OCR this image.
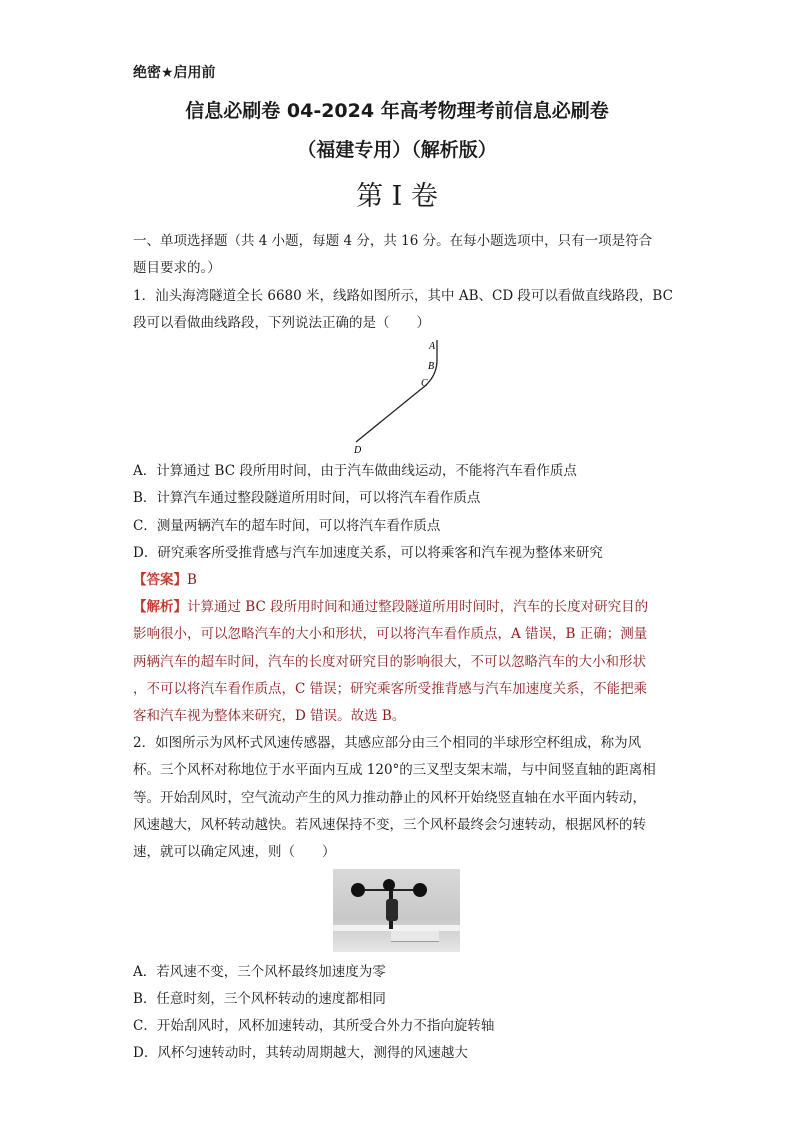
绝密★启用前
信息必刷卷 04-2024 年高考物理考前信息必刷卷
（福建专用）（解析版）
第 I 卷
一、单项选择题（共 4 小题，每题 4 分，共 16 分。在每小题选项中，只有一项是符合
题目要求的。）
1．汕头海湾隧道全长 6680 米，线路如图所示，其中 AB、CD 段可以看做直线路段，BC
段可以看做曲线路段，下列说法正确的是（　　）
A
B
C
D
A．计算通过 BC 段所用时间，由于汽车做曲线运动，不能将汽车看作质点
B．计算汽车通过整段隧道所用时间，可以将汽车看作质点
C．测量两辆汽车的超车时间，可以将汽车看作质点
D．研究乘客所受推背感与汽车加速度关系，可以将乘客和汽车视为整体来研究
【答案】B
【解析】计算通过 BC 段所用时间和通过整段隧道所用时间时，汽车的长度对研究目的
影响很小，可以忽略汽车的大小和形状，可以将汽车看作质点，A 错误，B 正确；测量
两辆汽车的超车时间，汽车的长度对研究目的影响很大，不可以忽略汽车的大小和形状
，不可以将汽车看作质点，C 错误；研究乘客所受推背感与汽车加速度关系，不能把乘
客和汽车视为整体来研究，D 错误。故选 B。
2．如图所示为风杯式风速传感器，其感应部分由三个相同的半球形空杯组成，称为风
杯。三个风杯对称地位于水平面内互成 120°的三叉型支架末端，与中间竖直轴的距离相
等。开始刮风时，空气流动产生的风力推动静止的风杯开始绕竖直轴在水平面内转动，
风速越大，风杯转动越快。若风速保持不变，三个风杯最终会匀速转动，根据风杯的转
速，就可以确定风速，则（　　）
A．若风速不变，三个风杯最终加速度为零
B．任意时刻，三个风杯转动的速度都相同
C．开始刮风时，风杯加速转动，其所受合外力不指向旋转轴
D．风杯匀速转动时，其转动周期越大，测得的风速越大
